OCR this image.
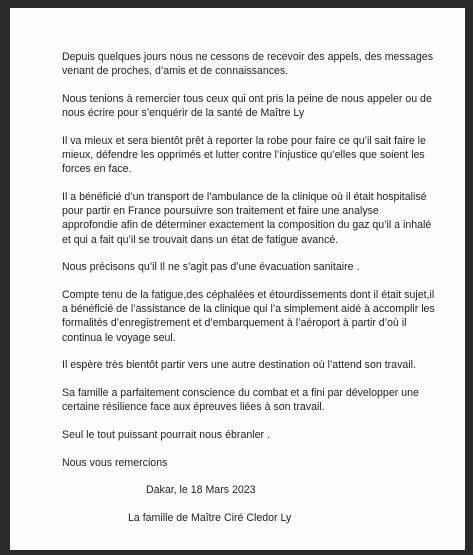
Depuis quelques jours nous ne cessons de recevoir des appels, des messages venant de proches, d’amis et de connaissances.

Nous tenions à remercier tous ceux qui ont pris la peine de nous appeler ou de nous écrire pour s’enquérir de la santé de Maître Ly

Il va mieux et sera bientôt prêt à reporter la robe pour faire ce qu’il sait faire le mieux, défendre les opprimés et lutter contre l’injustice qu’elles que soient les forces en face.

Il a bénéficié d’un transport de l’ambulance de la clinique où il était hospitalisé pour partir en France poursuivre son traitement et faire une analyse approfondie afin de déterminer exactement la composition du gaz qu’il a inhalé et qui a fait qu’il se trouvait dans un état de fatigue avancé.

Nous précisons qu’il Il ne s’agit pas d’une évacuation sanitaire .

Compte tenu de la fatigue,des céphalées et étourdissements dont il était sujet,il a bénéficié de l’assistance de la clinique qui l’a simplement aidé à accomplir les formalités d’enregistrement et d’embarquement à l’aéroport à partir d’où il continua le voyage seul.

Il espère très bientôt partir vers une autre destination où l’attend son travail.

Sa famille a parfaitement conscience du combat et a fini par développer une certaine résilience face aux épreuves liées à son travail.

Seul le tout puissant pourrait nous ébranler .

Nous vous remercions

Dakar, le 18 Mars 2023
La famille de Maître Ciré Cledor Ly
